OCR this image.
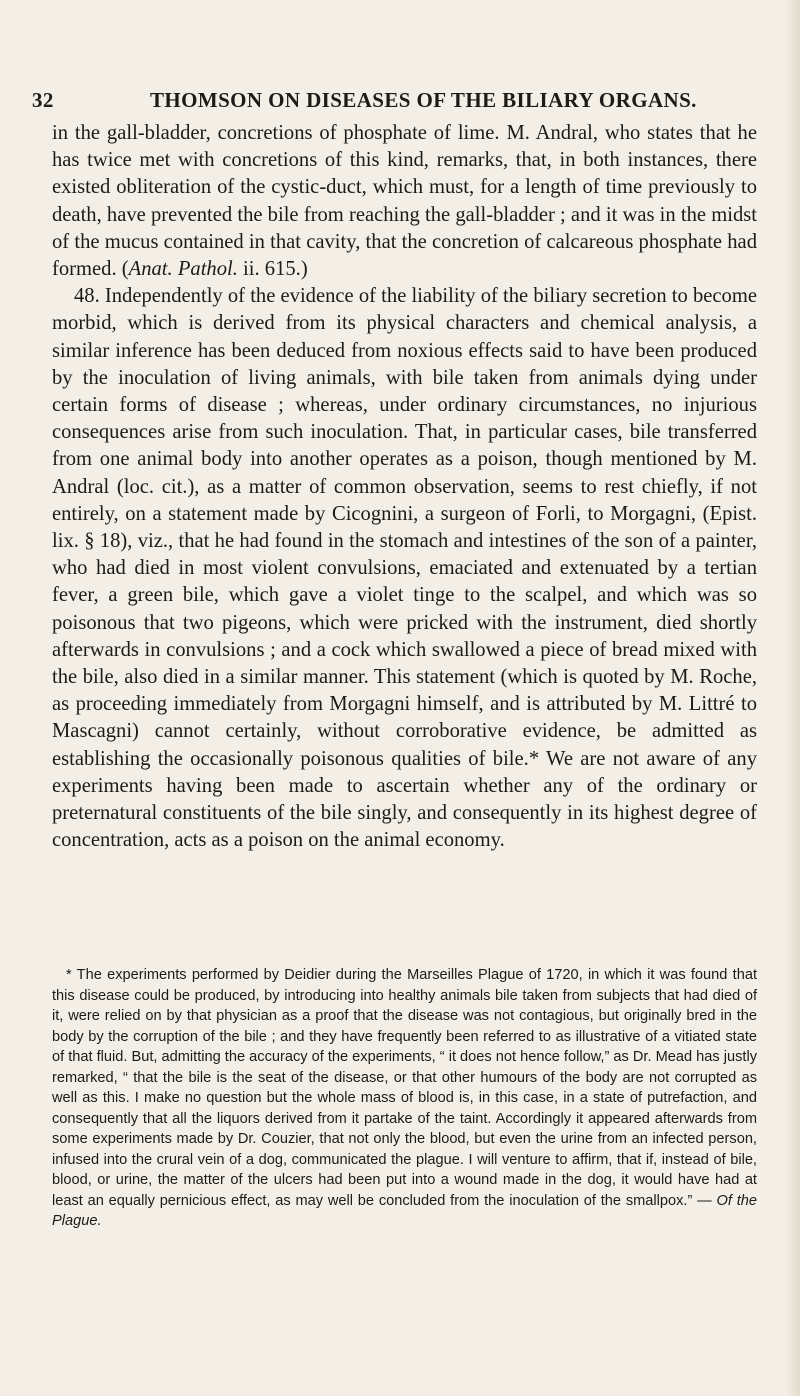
32	THOMSON ON DISEASES OF THE BILIARY ORGANS.

in the gall-bladder, concretions of phosphate of lime. M. Andral, who states that he has twice met with concretions of this kind, remarks, that, in both instances, there existed obliteration of the cystic-duct, which must, for a length of time previously to death, have prevented the bile from reaching the gall-bladder ; and it was in the midst of the mucus contained in that cavity, that the concretion of calcareous phosphate had formed. (Anat. Pathol. ii. 615.)

48. Independently of the evidence of the liability of the biliary secretion to become morbid, which is derived from its physical characters and chemical analysis, a similar inference has been deduced from noxious effects said to have been produced by the inoculation of living animals, with bile taken from animals dying under certain forms of disease ; whereas, under ordinary circumstances, no injurious consequences arise from such inoculation. That, in particular cases, bile transferred from one animal body into another operates as a poison, though mentioned by M. Andral (loc. cit.), as a matter of common observation, seems to rest chiefly, if not entirely, on a statement made by Cicognini, a surgeon of Forli, to Morgagni, (Epist. lix. § 18), viz., that he had found in the stomach and intestines of the son of a painter, who had died in most violent convulsions, emaciated and extenuated by a tertian fever, a green bile, which gave a violet tinge to the scalpel, and which was so poisonous that two pigeons, which were pricked with the instrument, died shortly afterwards in convulsions ; and a cock which swallowed a piece of bread mixed with the bile, also died in a similar manner. This statement (which is quoted by M. Roche, as proceeding immediately from Morgagni himself, and is attributed by M. Littré to Mascagni) cannot certainly, without corroborative evidence, be admitted as establishing the occasionally poisonous qualities of bile.* We are not aware of any experiments having been made to ascertain whether any of the ordinary or preternatural constituents of the bile singly, and consequently in its highest degree of concentration, acts as a poison on the animal economy.

* The experiments performed by Deidier during the Marseilles Plague of 1720, in which it was found that this disease could be produced, by introducing into healthy animals bile taken from subjects that had died of it, were relied on by that physician as a proof that the disease was not contagious, but originally bred in the body by the corruption of the bile ; and they have frequently been referred to as illustrative of a vitiated state of that fluid. But, admitting the accuracy of the experiments, “ it does not hence follow,” as Dr. Mead has justly remarked, “ that the bile is the seat of the disease, or that other humours of the body are not corrupted as well as this. I make no question but the whole mass of blood is, in this case, in a state of putrefaction, and consequently that all the liquors derived from it partake of the taint. Accordingly it appeared afterwards from some experiments made by Dr. Couzier, that not only the blood, but even the urine from an infected person, infused into the crural vein of a dog, communicated the plague. I will venture to affirm, that if, instead of bile, blood, or urine, the matter of the ulcers had been put into a wound made in the dog, it would have had at least an equally pernicious effect, as may well be concluded from the inoculation of the smallpox.” — Of the Plague.
